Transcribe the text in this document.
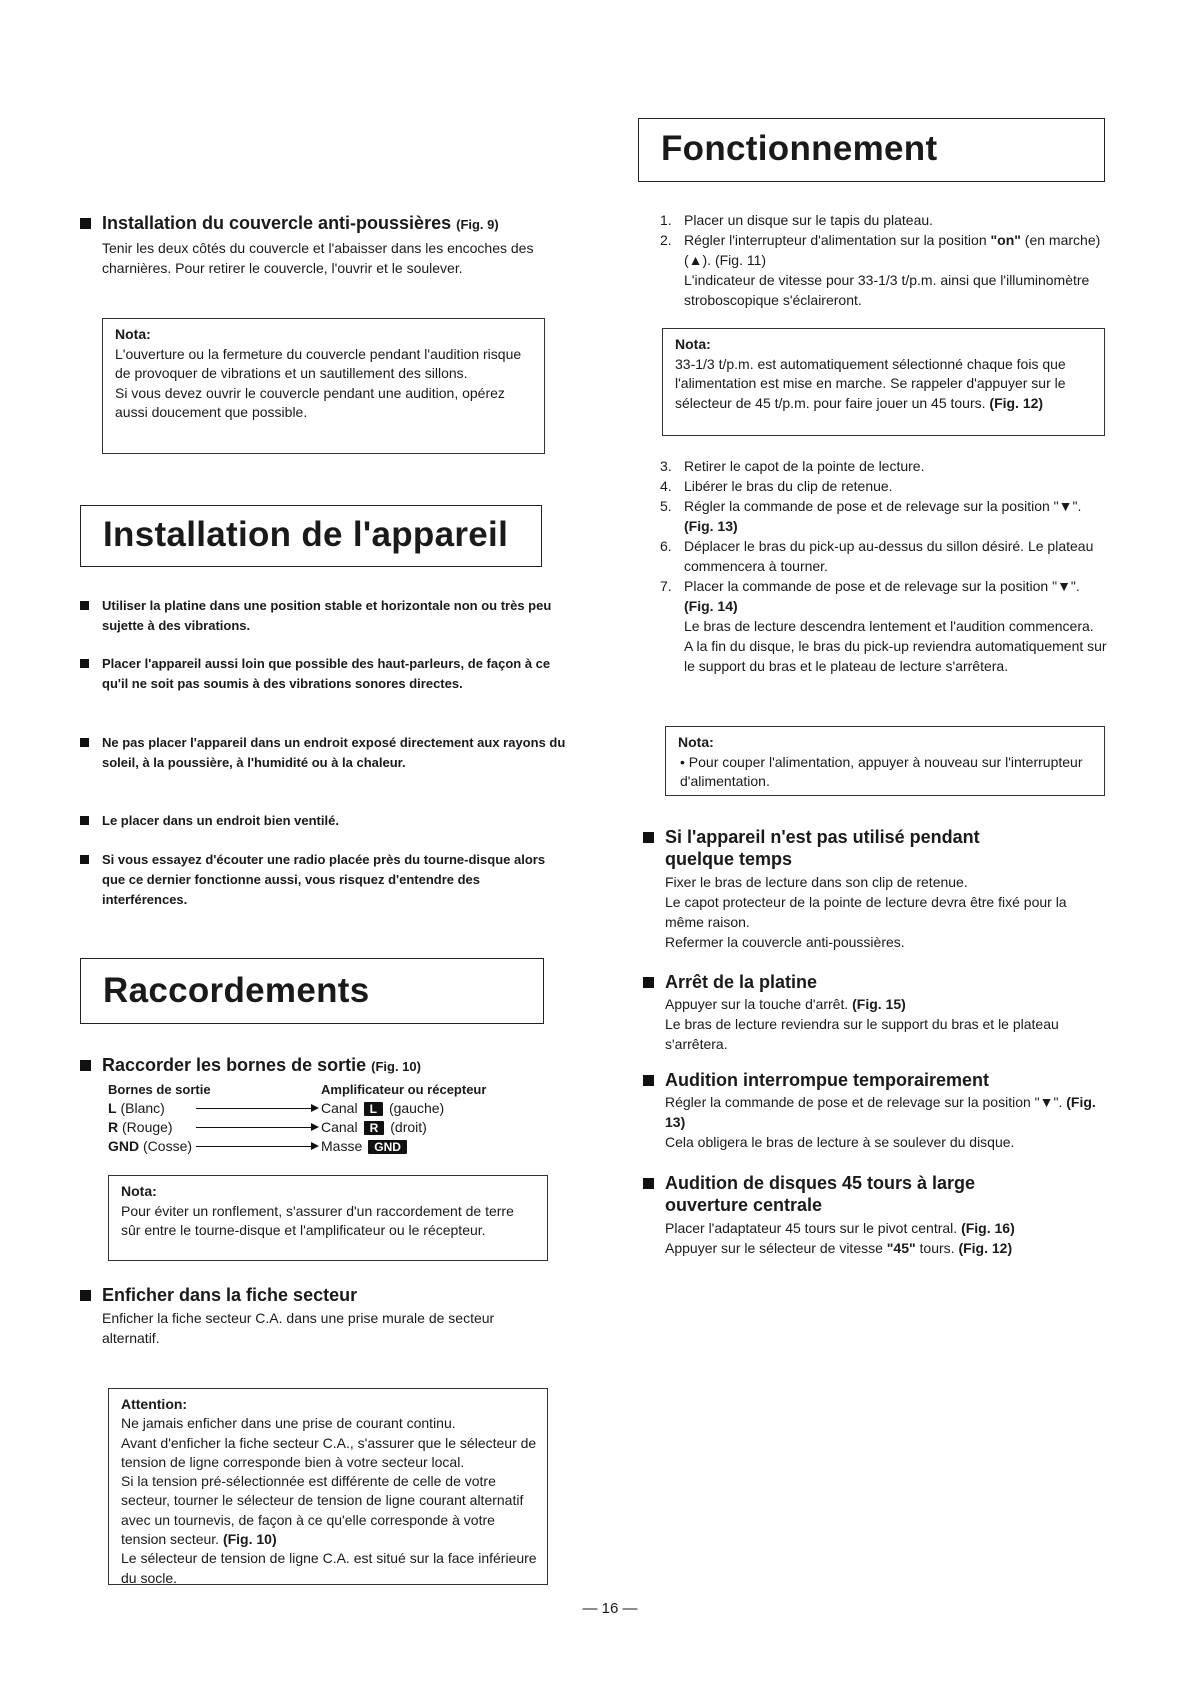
Installation du couvercle anti-poussières (Fig. 9)
Tenir les deux côtés du couvercle et l'abaisser dans les encoches des charnières. Pour retirer le couvercle, l'ouvrir et le soulever.
Nota:
L'ouverture ou la fermeture du couvercle pendant l'audition risque de provoquer de vibrations et un sautillement des sillons.
Si vous devez ouvrir le couvercle pendant une audition, opérez aussi doucement que possible.
Installation de l'appareil
Utiliser la platine dans une position stable et horizontale non ou très peu sujette à des vibrations.
Placer l'appareil aussi loin que possible des haut-parleurs, de façon à ce qu'il ne soit pas soumis à des vibrations sonores directes.
Ne pas placer l'appareil dans un endroit exposé directement aux rayons du soleil, à la poussière, à l'humidité ou à la chaleur.
Le placer dans un endroit bien ventilé.
Si vous essayez d'écouter une radio placée près du tourne-disque alors que ce dernier fonctionne aussi, vous risquez d'entendre des interférences.
Raccordements
Raccorder les bornes de sortie (Fig. 10)
Bornes de sortie	Amplificateur ou récepteur
L (Blanc)	Canal L (gauche)
R (Rouge)	Canal R (droit)
GND (Cosse)	Masse GND
Nota:
Pour éviter un ronflement, s'assurer d'un raccordement de terre sûr entre le tourne-disque et l'amplificateur ou le récepteur.
Enficher dans la fiche secteur
Enficher la fiche secteur C.A. dans une prise murale de secteur alternatif.
Attention:
Ne jamais enficher dans une prise de courant continu.
Avant d'enficher la fiche secteur C.A., s'assurer que le sélecteur de tension de ligne corresponde bien à votre secteur local.
Si la tension pré-sélectionnée est différente de celle de votre secteur, tourner le sélecteur de tension de ligne courant alternatif avec un tournevis, de façon à ce qu'elle corresponde à votre tension secteur. (Fig. 10)
Le sélecteur de tension de ligne C.A. est situé sur la face inférieure du socle.
Fonctionnement
1. Placer un disque sur le tapis du plateau.
2. Régler l'interrupteur d'alimentation sur la position "on" (en marche) (▲). (Fig. 11)
L'indicateur de vitesse pour 33-1/3 t/p.m. ainsi que l'illuminomètre stroboscopique s'éclaireront.
Nota:
33-1/3 t/p.m. est automatiquement sélectionné chaque fois que l'alimentation est mise en marche. Se rappeler d'appuyer sur le sélecteur de 45 t/p.m. pour faire jouer un 45 tours. (Fig. 12)
3. Retirer le capot de la pointe de lecture.
4. Libérer le bras du clip de retenue.
5. Régler la commande de pose et de relevage sur la position "▼". (Fig. 13)
6. Déplacer le bras du pick-up au-dessus du sillon désiré. Le plateau commencera à tourner.
7. Placer la commande de pose et de relevage sur la position "▼". (Fig. 14)
Le bras de lecture descendra lentement et l'audition commencera.
A la fin du disque, le bras du pick-up reviendra automatiquement sur le support du bras et le plateau de lecture s'arrêtera.
Nota:
• Pour couper l'alimentation, appuyer à nouveau sur l'interrupteur d'alimentation.
Si l'appareil n'est pas utilisé pendant quelque temps
Fixer le bras de lecture dans son clip de retenue.
Le capot protecteur de la pointe de lecture devra être fixé pour la même raison.
Refermer la couvercle anti-poussières.
Arrêt de la platine
Appuyer sur la touche d'arrêt. (Fig. 15)
Le bras de lecture reviendra sur le support du bras et le plateau s'arrêtera.
Audition interrompue temporairement
Régler la commande de pose et de relevage sur la position "▼". (Fig. 13)
Cela obligera le bras de lecture à se soulever du disque.
Audition de disques 45 tours à large ouverture centrale
Placer l'adaptateur 45 tours sur le pivot central. (Fig. 16)
Appuyer sur le sélecteur de vitesse "45" tours. (Fig. 12)
— 16 —
